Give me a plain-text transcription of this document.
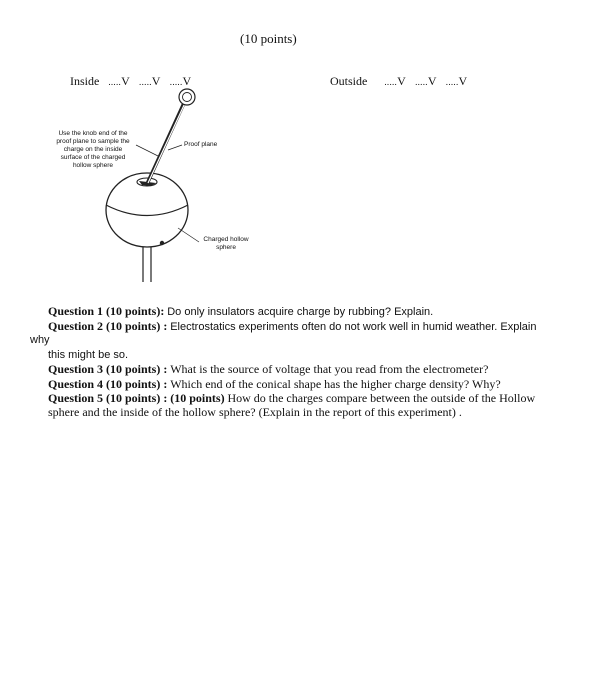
(10 points)
Inside .....V .....V .....V	Outside .....V .....V .....V
Use the knob end of the
proof plane to sample the
charge on the inside
surface of the charged
hollow sphere
Proof plane
Charged hollow
sphere
Question 1 (10 points): Do only insulators acquire charge by rubbing? Explain.
Question 2 (10 points) : Electrostatics experiments often do not work well in humid weather. Explain
why
this might be so.
Question 3 (10 points) : What is the source of voltage that you read from the electrometer?
Question 4 (10 points) : Which end of the conical shape has the higher charge density? Why?
Question 5 (10 points) : (10 points) How do the charges compare between the outside of the Hollow
sphere and the inside of the hollow sphere? (Explain in the report of this experiment) .
